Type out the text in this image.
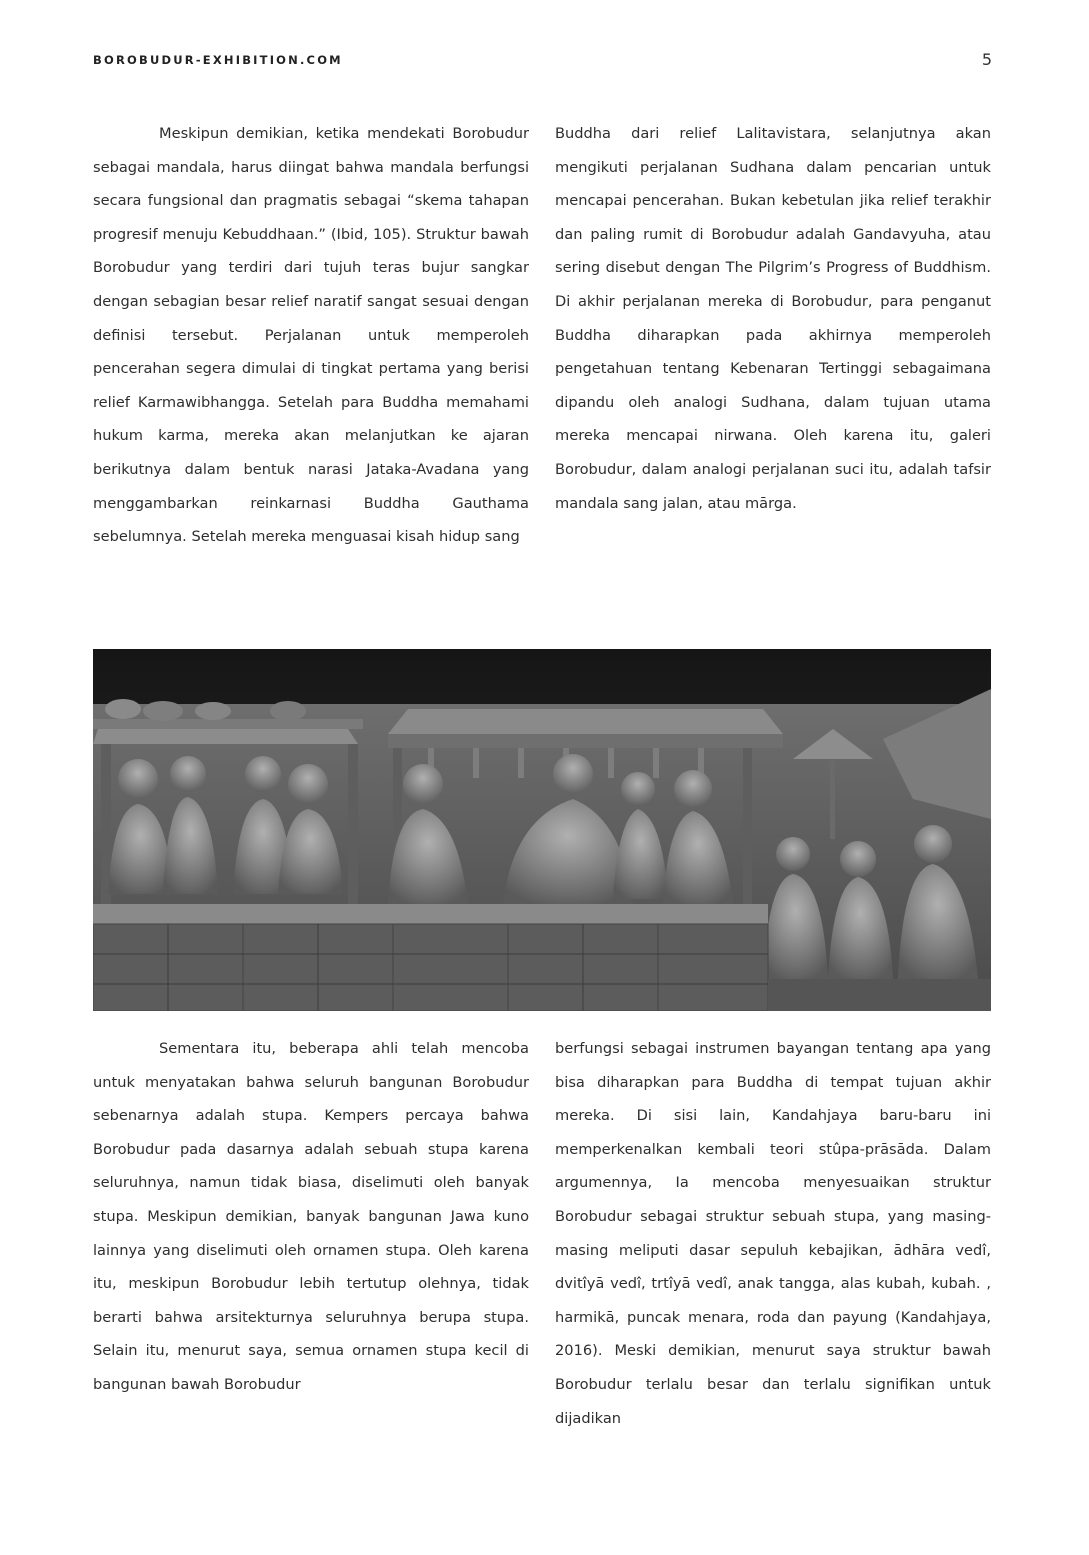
BOROBUDUR-EXHIBITION.COM	5

Meskipun demikian, ketika mendekati Borobudur sebagai mandala, harus diingat bahwa mandala berfungsi secara fungsional dan pragmatis sebagai “skema tahapan progresif menuju Kebuddhaan.” (Ibid, 105). Struktur bawah Borobudur yang terdiri dari tujuh teras bujur sangkar dengan sebagian besar relief naratif sangat sesuai dengan definisi tersebut. Perjalanan untuk memperoleh pencerahan segera dimulai di tingkat pertama yang berisi relief Karmawibhangga. Setelah para Buddha memahami hukum karma, mereka akan melanjutkan ke ajaran berikutnya dalam bentuk narasi Jataka-Avadana yang menggambarkan reinkarnasi Buddha Gauthama sebelumnya. Setelah mereka menguasai kisah hidup sang

Buddha dari relief Lalitavistara, selanjutnya akan mengikuti perjalanan Sudhana dalam pencarian untuk mencapai pencerahan. Bukan kebetulan jika relief terakhir dan paling rumit di Borobudur adalah Gandavyuha, atau sering disebut dengan The Pilgrim’s Progress of Buddhism. Di akhir perjalanan mereka di Borobudur, para penganut Buddha diharapkan pada akhirnya memperoleh pengetahuan tentang Kebenaran Tertinggi sebagaimana dipandu oleh analogi Sudhana, dalam tujuan utama mereka mencapai nirwana. Oleh karena itu, galeri Borobudur, dalam analogi perjalanan suci itu, adalah tafsir mandala sang jalan, atau mārga.

Sementara itu, beberapa ahli telah mencoba untuk menyatakan bahwa seluruh bangunan Borobudur sebenarnya adalah stupa. Kempers percaya bahwa Borobudur pada dasarnya adalah sebuah stupa karena seluruhnya, namun tidak biasa, diselimuti oleh banyak stupa. Meskipun demikian, banyak bangunan Jawa kuno lainnya yang diselimuti oleh ornamen stupa. Oleh karena itu, meskipun Borobudur lebih tertutup olehnya, tidak berarti bahwa arsitekturnya seluruhnya berupa stupa. Selain itu, menurut saya, semua ornamen stupa kecil di bangunan bawah Borobudur

berfungsi sebagai instrumen bayangan tentang apa yang bisa diharapkan para Buddha di tempat tujuan akhir mereka. Di sisi lain, Kandahjaya baru-baru ini memperkenalkan kembali teori stûpa-prāsāda. Dalam argumennya, Ia mencoba menyesuaikan struktur Borobudur sebagai struktur sebuah stupa, yang masing-masing meliputi dasar sepuluh kebajikan, ādhāra vedî, dvitîyā vedî, trtîyā vedî, anak tangga, alas kubah, kubah. , harmikā, puncak menara, roda dan payung (Kandahjaya, 2016). Meski demikian, menurut saya struktur bawah Borobudur terlalu besar dan terlalu signifikan untuk dijadikan
